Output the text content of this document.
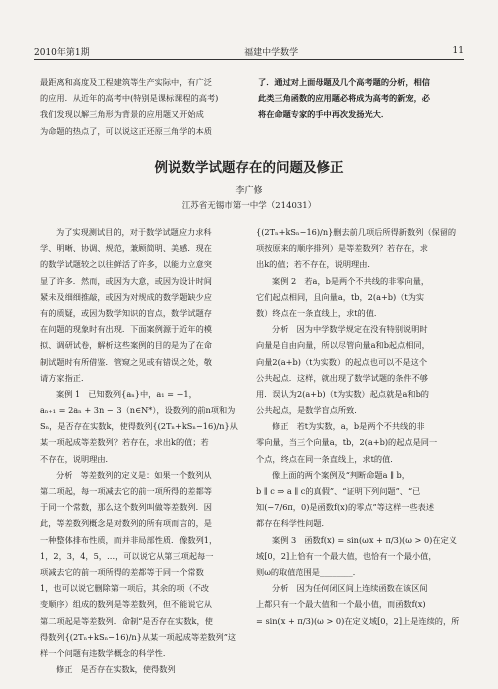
2010年第1期	福建中学数学	11
最距离和高度及工程建筑等生产实际中，有广泛
的应用．从近年的高考中(特别是课标课程的高考)
我们发现以解三角形为背景的应用题又开始成
为命题的热点了，可以说这正还原三角学的本质
了．通过对上面母题及几个高考题的分析，相信
此类三角函数的应用题必将成为高考的新宠，必
将在命题专家的手中再次发扬光大．
例说数学试题存在的问题及修正
李广修
江苏省无锡市第一中学（214031）
为了实现测试目的，对于数学试题应力求科
学、明晰、协调、规范，兼顾简明、美感．现在
的数学试题较之以往鲜活了许多，以能力立意突
显了许多．然而，或因为大意，或因为设计时间
紧未及细细推敲，或因为对规成的数学题缺少应
有的质疑，或因为数学知识的盲点，数学试题存
在问题的现象时有出现．下面案例源于近年的模
拟、调研试卷，解析这些案例的目的是为了在命
制试题时有所借鉴．管窥之见或有错误之处，敬
请方家指正．
案例 1　已知数列{aₙ}中，a₁ = −1，
aₙ₊₁ = 2aₙ + 3n − 3（n∈N*），设数列的前n项和为
Sₙ，是否存在实数k，使得数列{(2Tₙ+kSₙ−16)/n}从
某一项起成等差数列？若存在，求出k的值；若
不存在，说明理由．
分析　等差数列的定义是：如果一个数列从
第二项起，每一项减去它的前一项所得的差都等
于同一个常数，那么这个数列叫做等差数列．因
此，等差数列概念是对数列的所有项而言的，是
一种整体排布性质，而并非局部性质．像数列1，
1，2，3，4，5，…，可以说它从第三项起每一
项减去它的前一项所得的差都等于同一个常数
1，也可以说它删除第一项后，其余的项（不改
变顺序）组成的数列是等差数列，但不能说它从
第二项起是等差数列．命制“是否存在实数k，使
得数列{(2Tₙ+kSₙ−16)/n}从某一项起成等差数列”这
样一个问题有违数学概念的科学性．
修正　是否存在实数k，使得数列
{(2Tₙ+kSₙ−16)/n}删去前几项后所得新数列（保留的
项按原来的顺序排列）是等差数列？若存在，求
出k的值；若不存在，说明理由．
案例 2　若a，b是两个不共线的非零向量，
它们起点相同，且向量a，tb，2(a+b)（t为实
数）终点在一条直线上，求t的值．
分析　因为中学数学规定在没有特别说明时
向量是自由向量，所以尽管向量a和b起点相同，
向量2(a+b)（t为实数）的起点也可以不是这个
公共起点．这样，就出现了数学试题的条件不够
用．误认为2(a+b)（t为实数）起点就是a和b的
公共起点，是数学盲点所致．
修正　若t为实数，a，b是两个不共线的非
零向量，当三个向量a，tb，2(a+b)的起点是同一
个点，终点在同一条直线上，求t的值．
像上面的两个案例及“判断命题a ∥ b，
b ∥ c ⇒ a ∥ c的真假”、“证明下列问题”、“已
知(−7/6π，0)是函数f(x)的零点”等这样一些表述
都存在科学性问题．
案例 3　函数f(x) = sin(ωx + π/3)(ω > 0)在定义
域[0，2]上恰有一个最大值，也恰有一个最小值，
则ω的取值范围是________．
分析　因为任何闭区间上连续函数在该区间
上都只有一个最大值和一个最小值，而函数f(x)
= sin(x + π/3)(ω > 0)在定义域[0，2]上是连续的，所
